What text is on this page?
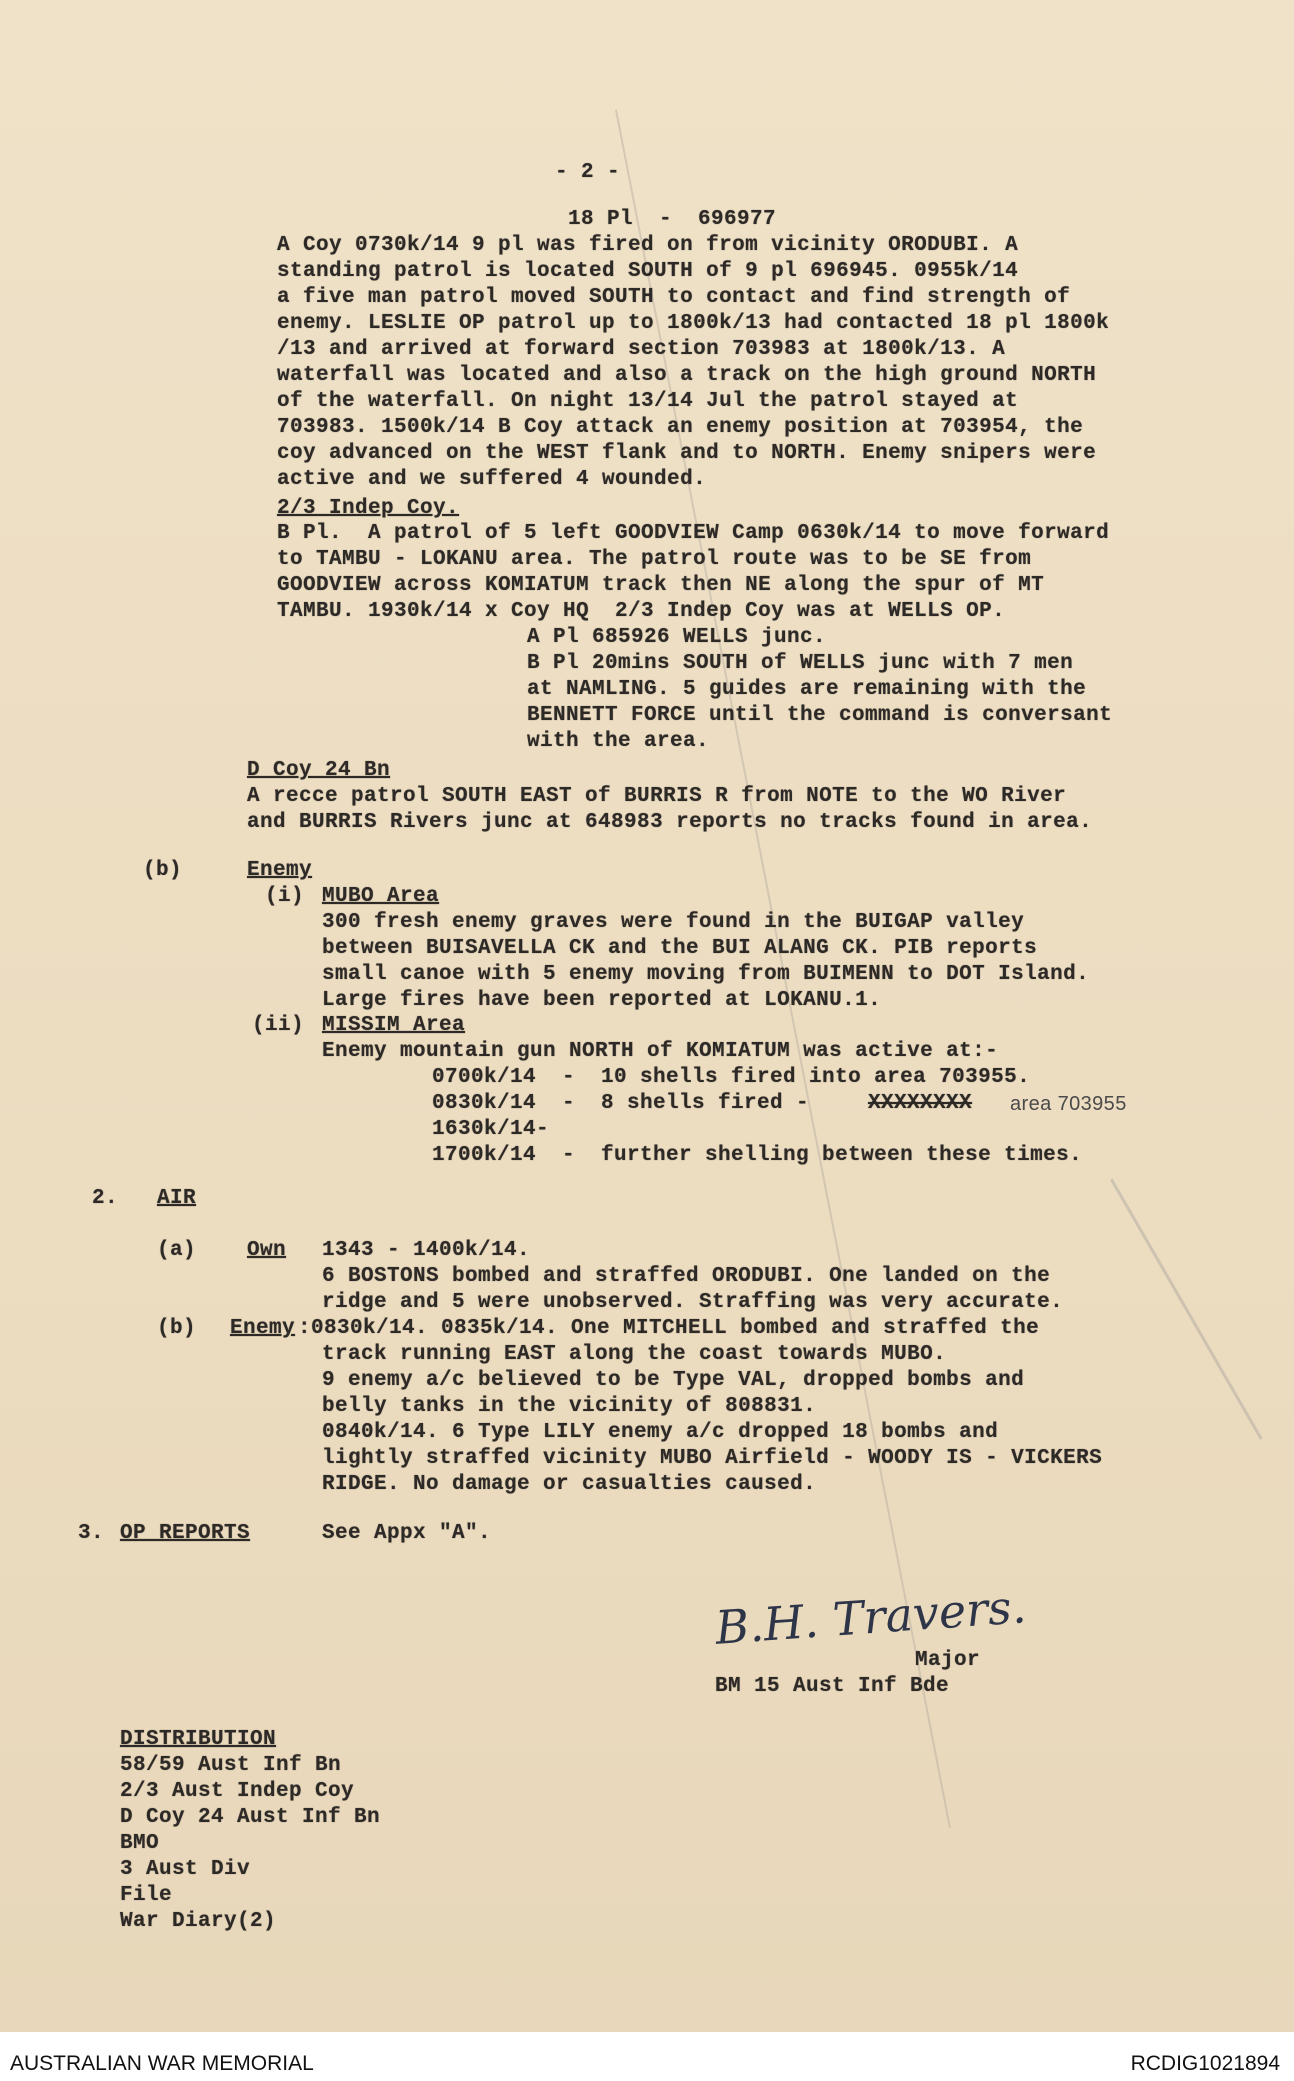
- 2 -
18 Pl  -  696977
A Coy 0730k/14 9 pl was fired on from vicinity ORODUBI. A
standing patrol is located SOUTH of 9 pl 696945. 0955k/14
a five man patrol moved SOUTH to contact and find strength of
enemy. LESLIE OP patrol up to 1800k/13 had contacted 18 pl 1800k
/13 and arrived at forward section 703983 at 1800k/13. A
waterfall was located and also a track on the high ground NORTH
of the waterfall. On night 13/14 Jul the patrol stayed at
703983. 1500k/14 B Coy attack an enemy position at 703954, the
coy advanced on the WEST flank and to NORTH. Enemy snipers were
active and we suffered 4 wounded.
2/3 Indep Coy.
B Pl.  A patrol of 5 left GOODVIEW Camp 0630k/14 to move forward
to TAMBU - LOKANU area. The patrol route was to be SE from
GOODVIEW across KOMIATUM track then NE along the spur of MT
TAMBU. 1930k/14 x Coy HQ  2/3 Indep Coy was at WELLS OP.
A Pl 685926 WELLS junc.
B Pl 20mins SOUTH of WELLS junc with 7 men
at NAMLING. 5 guides are remaining with the
BENNETT FORCE until the command is conversant
with the area.
D Coy 24 Bn
A recce patrol SOUTH EAST of BURRIS R from NOTE to the WO River
and BURRIS Rivers junc at 648983 reports no tracks found in area.
(b)	Enemy
(i) MUBO Area
300 fresh enemy graves were found in the BUIGAP valley
between BUISAVELLA CK and the BUI ALANG CK. PIB reports
small canoe with 5 enemy moving from BUIMENN to DOT Island.
Large fires have been reported at LOKANU.1.
(ii) MISSIM Area
Enemy mountain gun NORTH of KOMIATUM was active at:-
0700k/14  -  10 shells fired into area 703955.
0830k/14  -  8 shells fired -	XXXXXXXX area 703955
1630k/14-
1700k/14  -  further shelling between these times.
2. AIR
(a) Own 1343 - 1400k/14.
6 BOSTONS bombed and straffed ORODUBI. One landed on the
ridge and 5 were unobserved. Straffing was very accurate.
(b) Enemy :0830k/14. 0835k/14. One MITCHELL bombed and straffed the
track running EAST along the coast towards MUBO.
9 enemy a/c believed to be Type VAL, dropped bombs and
belly tanks in the vicinity of 808831.
0840k/14. 6 Type LILY enemy a/c dropped 18 bombs and
lightly straffed vicinity MUBO Airfield - WOODY IS - VICKERS
RIDGE. No damage or casualties caused.
3. OP REPORTS	See Appx "A".
B.H. Travers.
Major
BM 15 Aust Inf Bde
DISTRIBUTION
58/59 Aust Inf Bn
2/3 Aust Indep Coy
D Coy 24 Aust Inf Bn
BMO
3 Aust Div
File
War Diary(2)
AUSTRALIAN WAR MEMORIAL	RCDIG1021894
